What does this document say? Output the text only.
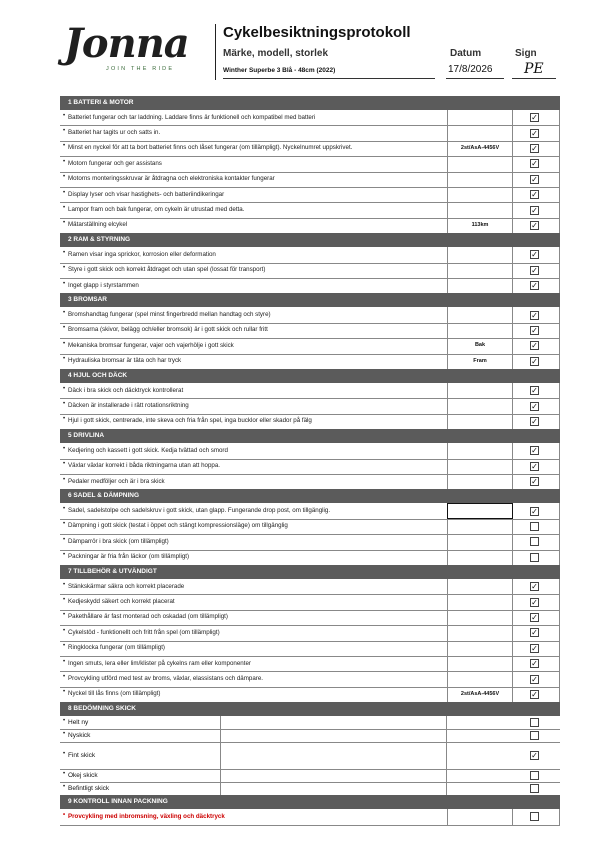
Jonna
JOIN THE RIDE
Cykelbesiktningsprotokoll
Märke, modell, storlek	Datum	Sign
Winther Superbe 3 Blå - 48cm (2022)	17/8/2026 PE
1 BATTERI & MOTOR
• Batteriet fungerar och tar laddning. Laddare finns är funktionell och kompatibel med batteri	✓
• Batteriet har tagits ur och satts in.	✓
• Minst en nyckel för att ta bort batteriet finns och låset fungerar (om tillämpligt). Nyckelnumret uppskrivet.	2st/AsA-4456V	✓
• Motorn fungerar och ger assistans	✓
• Motorns monteringsskruvar är åtdragna och elektroniska kontakter fungerar	✓
• Display lyser och visar hastighets- och batteriindikeringar	✓
• Lampor fram och bak fungerar, om cykeln är utrustad med detta.	✓
• Mätarställning elcykel	113km	✓
2 RAM & STYRNING
• Ramen visar inga sprickor, korrosion eller deformation	✓
• Styre i gott skick och korrekt åtdraget och utan spel (lossat för transport)	✓
• Inget glapp i styrstammen	✓
3 BROMSAR
• Bromshandtag fungerar (spel minst fingerbredd mellan handtag och styre)	✓
• Bromsarna (skivor, belägg och/eller bromsok) är i gott skick och rullar fritt	✓
• Mekaniska bromsar fungerar, vajer och vajerhölje i gott skick	Bak	✓
• Hydrauliska bromsar är täta och har tryck	Fram	✓
4 HJUL OCH DÄCK
• Däck i bra skick och däcktryck kontrollerat	✓
• Däcken är installerade i rätt rotationsriktning	✓
• Hjul i gott skick, centrerade, inte skeva och fria från spel, inga bucklor eller skador på fälg	✓
5 DRIVLINA
• Kedjering och kassett i gott skick. Kedja tvättad och smord	✓
• Växlar växlar korrekt i båda riktningarna utan att hoppa.	✓
• Pedaler medföljer och är i bra skick	✓
6 SADEL & DÄMPNING
• Sadel, sadelstolpe och sadelskruv i gott skick, utan glapp. Fungerande drop post, om tillgänglig.	✓
• Dämpning i gott skick (testat i öppet och stängt kompressionsläge) om tillgänglig
• Dämparrör i bra skick (om tillämpligt)
• Packningar är fria från läckor (om tillämpligt)
7 TILLBEHÖR & UTVÄNDIGT
• Stänkskärmar säkra och korrekt placerade	✓
• Kedjeskydd säkert och korrekt placerat	✓
• Pakethållare är fast monterad och oskadad (om tillämpligt)	✓
• Cykelstöd - funktionellt och fritt från spel (om tillämpligt)	✓
• Ringklocka fungerar (om tillämpligt)	✓
• Ingen smuts, lera eller lim/klister på cykelns ram eller komponenter	✓
• Provcykling utförd med test av broms, växlar, elassistans och dämpare.	✓
• Nyckel till lås finns (om tillämpligt)	2st/AsA-4456V	✓
8 BEDÖMNING SKICK
• Helt ny
• Nyskick
• Fint skick	✓
• Okej skick
• Befintligt skick
9 KONTROLL INNAN PACKNING
• Provcykling med inbromsning, växling och däcktryck
